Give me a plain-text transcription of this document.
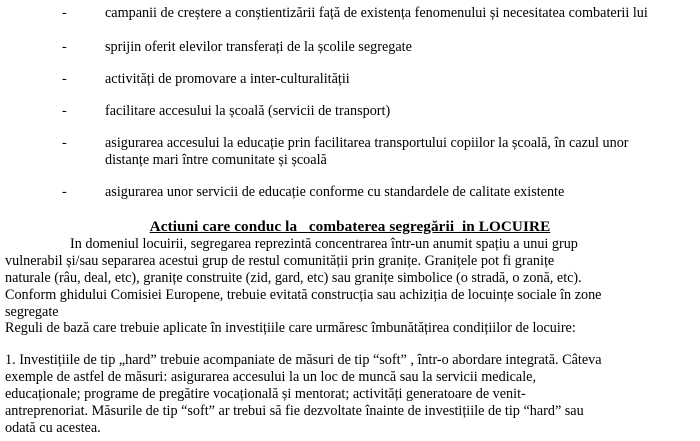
-	campanii de creștere a conștientizării față de existența fenomenului și necesitatea combaterii lui
-	sprijin oferit elevilor transferați de la școlile segregate
-	activități de promovare a inter-culturalității
-	facilitare accesului la școală (servicii de transport)
-	asigurarea accesului la educație prin facilitarea transportului copiilor la școală, în cazul unor
distanțe mari între comunitate și școală
-	asigurarea unor servicii de educație conforme cu standardele de calitate existente
Actiuni care conduc la   combaterea segregării  in LOCUIRE
In domeniul locuirii, segregarea reprezintă concentrarea într-un anumit spațiu a unui grup
vulnerabil și/sau separarea acestui grup de restul comunității prin granițe. Granițele pot fi granițe
naturale (râu, deal, etc), granițe construite (zid, gard, etc) sau granițe simbolice (o stradă, o zonă, etc).
Conform ghidului Comisiei Europene, trebuie evitată construcția sau achiziția de locuințe sociale în zone
segregate
Reguli de bază care trebuie aplicate în investițiile care urmăresc îmbunătățirea condițiilor de locuire:
1. Investițiile de tip „hard” trebuie acompaniate de măsuri de tip “soft” , într-o abordare integrată. Câteva
exemple de astfel de măsuri: asigurarea accesului la un loc de muncă sau la servicii medicale,
educaționale; programe de pregătire vocațională și mentorat; activități generatoare de venit-
antreprenoriat. Măsurile de tip “soft” ar trebui să fie dezvoltate înainte de investițiile de tip “hard” sau
odată cu acestea.
